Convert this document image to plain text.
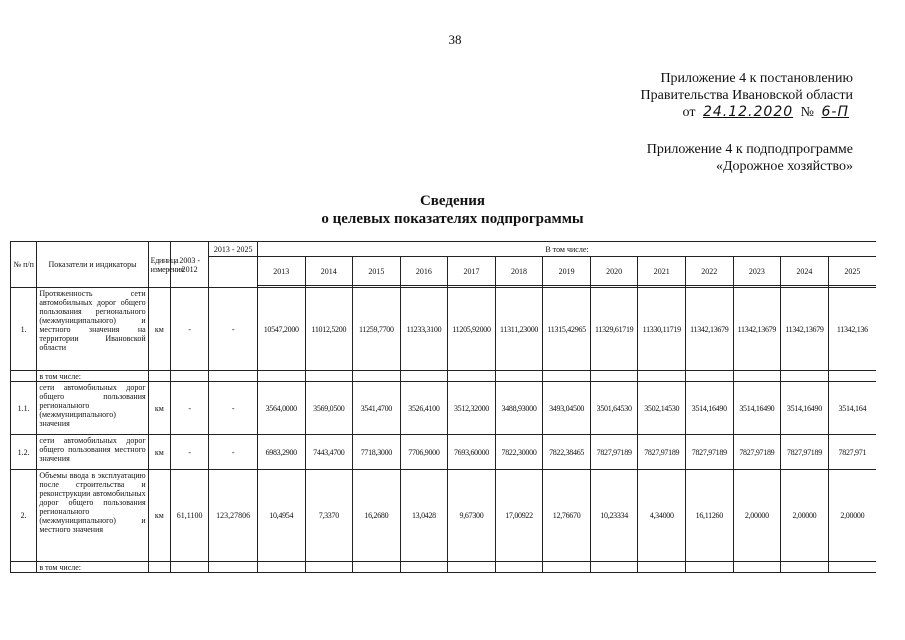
38
Приложение 4 к постановлению
Правительства Ивановской области
от 24.12.2020 № 6-П
Приложение 4 к подподпрограмме
«Дорожное хозяйство»
Сведения
о целевых показателях подпрограммы
№ п/п	Показатели и индикаторы	Единица измерения	2003 - 2012	2013 - 2025	В том числе:												
					2013	2014	2015	2016	2017	2018	2019	2020	2021	2022	2023	2024	2025

1.	Протяженность сети автомобильных дорог общего пользования регионального (межмуниципального) и местного значения на территории Ивановской области	км	-	-	10547,2000	11012,5200	11259,7700	11233,3100	11205,92000	11311,23000	11315,42965	11329,61719	11330,11719	11342,13679	11342,13679	11342,13679	11342,136
	в том числе:																
1.1.	сети автомобильных дорог общего пользования регионального (межмуниципального) значения	км	-	-	3564,0000	3569,0500	3541,4700	3526,4100	3512,32000	3488,93000	3493,04500	3501,64530	3502,14530	3514,16490	3514,16490	3514,16490	3514,164
1.2.	сети автомобильных дорог общего пользования местного значения	км	-	-	6983,2900	7443,4700	7718,3000	7706,9000	7693,60000	7822,30000	7822,38465	7827,97189	7827,97189	7827,97189	7827,97189	7827,97189	7827,971
2.	Объемы ввода в эксплуатацию после строительства и реконструкции автомобильных дорог общего пользования регионального (межмуниципального) и местного значения	км	61,1100	123,27806	10,4954	7,3370	16,2680	13,0428	9,67300	17,00922	12,76670	10,23334	4,34000	16,11260	2,00000	2,00000	2,00000
	в том числе:																
